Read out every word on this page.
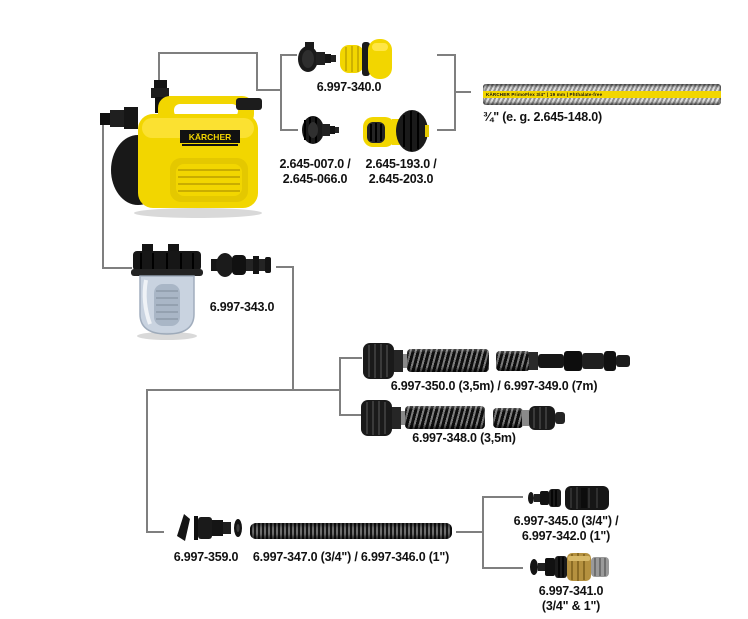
KÄRCHER
6.997-340.0
2.645-007.0 /
2.645-066.0
2.645-193.0 /
2.645-203.0
KÄRCHER PrimoFlex 3/4" | 19 mm | Phthalate-free
¾" (e. g. 2.645-148.0)
6.997-343.0
6.997-350.0 (3,5m) / 6.997-349.0 (7m)
6.997-348.0 (3,5m)
6.997-359.0	6.997-347.0 (3/4") / 6.997-346.0 (1")
6.997-345.0 (3/4") /
6.997-342.0 (1")
6.997-341.0
(3/4" & 1")
